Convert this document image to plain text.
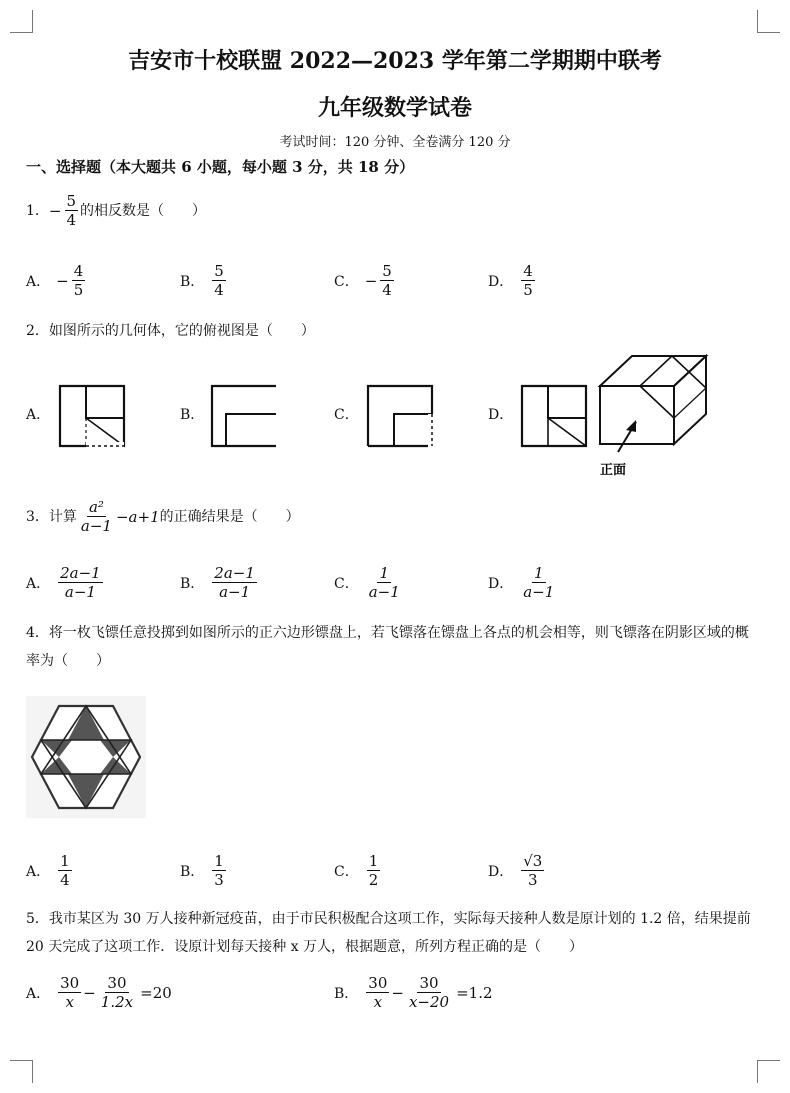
吉安市十校联盟 2022—2023 学年第二学期期中联考
九年级数学试卷
考试时间：120 分钟、全卷满分 120 分
一、选择题（本大题共 6 小题，每小题 3 分，共 18 分）
1． − $\frac{5}{4}$ 的相反数是（　　）
A． − $\frac{4}{5}$	B． $\frac{5}{4}$	C． − $\frac{5}{4}$	D． $\frac{4}{5}$
2．如图所示的几何体，它的俯视图是（　　）
A．	B．	C．	D．
正面
3．计算 $\frac{\text{a²}}{a-1} -a+1$ 的正确结果是（　　）
A． $\frac{2a-1}{a-1}$	B． $\frac{2a-1}{a-1}$	C． $\frac{1}{a-1}$	D． $\frac{1}{a-1}$
4．将一枚飞镖任意投掷到如图所示的正六边形镖盘上，若飞镖落在镖盘上各点的机会相等，则飞镖落在阴影区域的概率为（　　）
A． $\frac{1}{4}$	B． $\frac{1}{3}$	C． $\frac{1}{2}$	D． $\frac{√3}{3}$
5．我市某区为 30 万人接种新冠疫苗，由于市民积极配合这项工作，实际每天接种人数是原计划的 1.2 倍，结果提前 20 天完成了这项工作．设原计划每天接种 x 万人，根据题意，所列方程正确的是（　　）
A． $\frac{30}{x} - \frac{30}{1.2x} =20$	B． $\frac{30}{x} - \frac{30}{x-20} =1.2$
